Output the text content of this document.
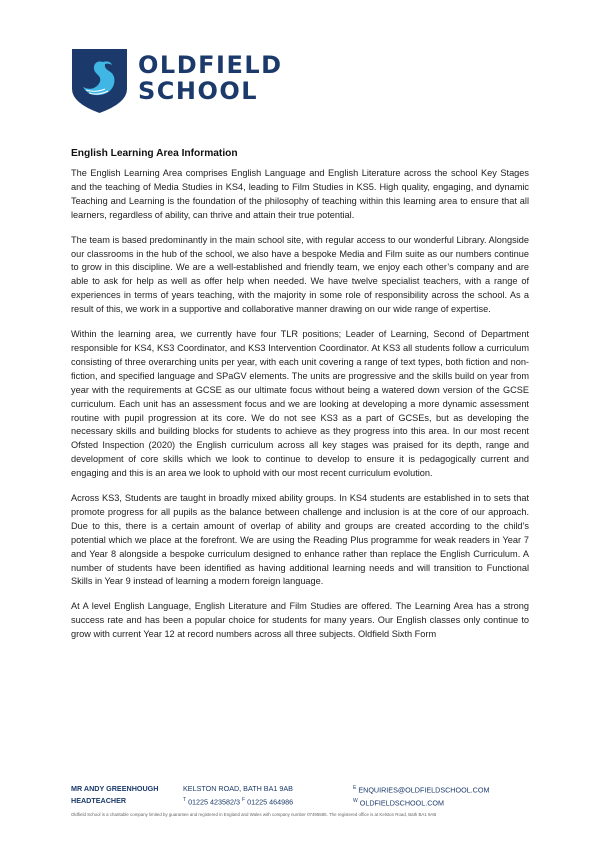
OLDFIELD
SCHOOL

English Learning Area Information

The English Learning Area comprises English Language and English Literature across the school Key Stages and the teaching of Media Studies in KS4, leading to Film Studies in KS5. High quality, engaging, and dynamic Teaching and Learning is the foundation of the philosophy of teaching within this learning area to ensure that all learners, regardless of ability, can thrive and attain their true potential.

The team is based predominantly in the main school site, with regular access to our wonderful Library. Alongside our classrooms in the hub of the school, we also have a bespoke Media and Film suite as our numbers continue to grow in this discipline. We are a well-established and friendly team, we enjoy each other’s company and are able to ask for help as well as offer help when needed. We have twelve specialist teachers, with a range of experiences in terms of years teaching, with the majority in some role of responsibility across the school. As a result of this, we work in a supportive and collaborative manner drawing on our wide range of expertise.

Within the learning area, we currently have four TLR positions; Leader of Learning, Second of Department responsible for KS4, KS3 Coordinator, and KS3 Intervention Coordinator. At KS3 all students follow a curriculum consisting of three overarching units per year, with each unit covering a range of text types, both fiction and non-fiction, and specified language and SPaGV elements. The units are progressive and the skills build on year from year with the requirements at GCSE as our ultimate focus without being a watered down version of the GCSE curriculum. Each unit has an assessment focus and we are looking at developing a more dynamic assessment routine with pupil progression at its core. We do not see KS3 as a part of GCSEs, but as developing the necessary skills and building blocks for students to achieve as they progress into this area. In our most recent Ofsted Inspection (2020) the English curriculum across all key stages was praised for its depth, range and development of core skills which we look to continue to develop to ensure it is pedagogically current and engaging and this is an area we look to uphold with our most recent curriculum evolution.

Across KS3, Students are taught in broadly mixed ability groups. In KS4 students are established in to sets that promote progress for all pupils as the balance between challenge and inclusion is at the core of our approach. Due to this, there is a certain amount of overlap of ability and groups are created according to the child’s potential which we place at the forefront. We are using the Reading Plus programme for weak readers in Year 7 and Year 8 alongside a bespoke curriculum designed to enhance rather than replace the English Curriculum. A number of students have been identified as having additional learning needs and will transition to Functional Skills in Year 9 instead of learning a modern foreign language.

At A level English Language, English Literature and Film Studies are offered. The Learning Area has a strong success rate and has been a popular choice for students for many years. Our English classes only continue to grow with current Year 12 at record numbers across all three subjects. Oldfield Sixth Form

MR ANDY GREENHOUGH
HEADTEACHER
KELSTON ROAD, BATH BA1 9AB
$^T$ 01225 423582/3 $^F$ 01225 464986
$^E$ ENQUIRIES@OLDFIELDSCHOOL.COM
$^W$ OLDFIELDSCHOOL.COM
Oldfield School is a charitable company limited by guarantee and registered in England and Wales with company number 07495585. The registered office is at Kelston Road, Bath BA1 9AB
